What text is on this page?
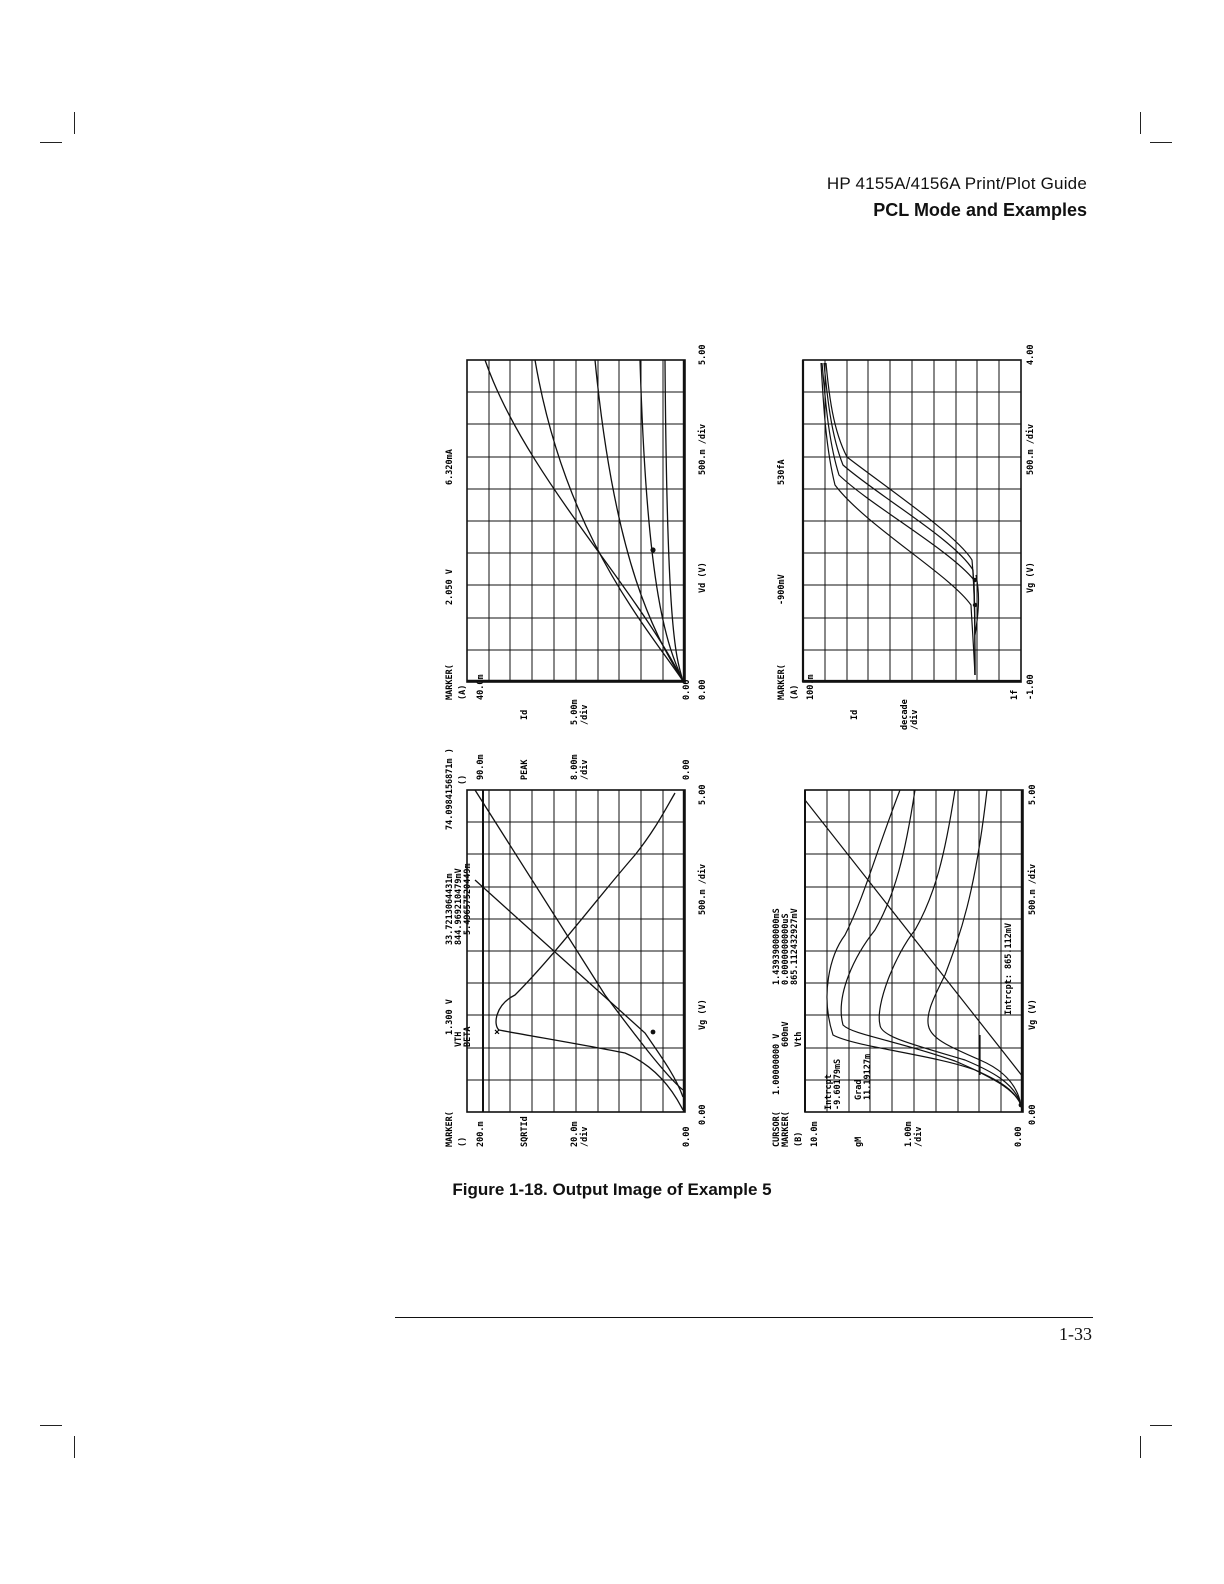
HP 4155A/4156A Print/Plot Guide
PCL Mode and Examples
MARKER( (A) 40.0m
Id	5.00m /div
0.00
2.050 V
6.320mA
0.00
Vd (V)
500.m /div
5.00
MARKER( (A) 100.m
Id	decade /div
1f
-900mV
530fA
-1.00
Vg (V)
500.m /div
4.00
MARKER( () 200.m	SQRTId	20.0m /div	0.00
1.300 V
33.7213064431m
74.0984156871m )
VTH
844.969210479mV
()
BETA
5.49657520449m
90.0m	PEAK	8.00m /div	0.00
0.00
Vg (V)
500.m /div
5.00
×
CURSOR( MARKER( (B) 10.0m	gM	1.00m /div	0.00
1.00000000 V
1.43939000000mS
600mV
0.0000000000uS
Vth
865.112432927mV
0.00
Vg (V)
500.m /div
5.00
Intrcpt -9.60179mS Grad 11.19127m
Intrcpt: 865.112mV
Figure 1-18. Output Image of Example 5
1-33
